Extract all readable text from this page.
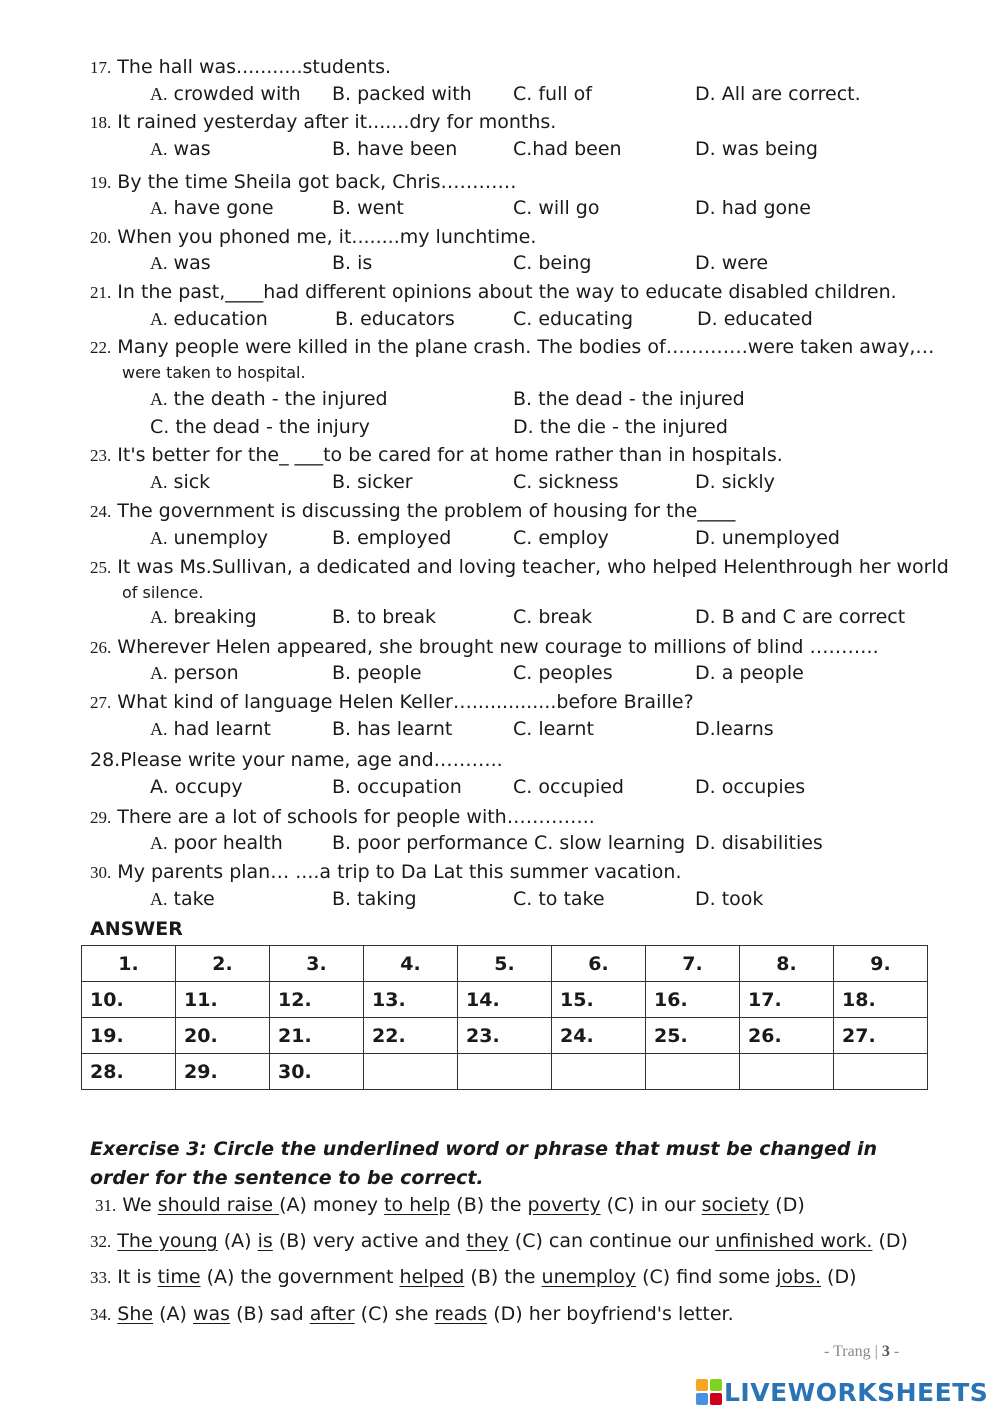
17. The hall was...........students.
A. crowded with B. packed with C. full of	D. All are correct.
18. It rained yesterday after it.......dry for months.
A. was	B. have been	C.had been	D. was being
19. By the time Sheila got back, Chris…………
A. have gone	B. went	C. will go	D. had gone
20. When you phoned me, it........my lunchtime.
A. was	B. is	C. being	D. were
21. In the past,____had different opinions about the way to educate disabled children.
A. education	B. educators	C. educating	D. educated
22. Many people were killed in the plane crash. The bodies of………….were taken away,…
were taken to hospital.
A. the death - the injured	B. the dead - the injured
C. the dead - the injury	D. the die - the injured
23. It's better for the_ ___to be cared for at home rather than in hospitals.
A. sick	B. sicker	C. sickness	D. sickly
24. The government is discussing the problem of housing for the____
A. unemploy	B. employed	C. employ	D. unemployed
25. It was Ms.Sullivan, a dedicated and loving teacher, who helped Helenthrough her world
of silence.
A. breaking	B. to break	C. break	D. B and C are correct
26. Wherever Helen appeared, she brought new courage to millions of blind ………..
A. person	B. people	C. peoples	D. a people
27. What kind of language Helen Keller…..............before Braille?
A. had learnt	B. has learnt	C. learnt	D.learns
28.Please write your name, age and………..
A. occupy	B. occupation	C. occupied	D. occupies
29. There are a lot of schools for people with…………..
A. poor health	B. poor performance C. slow learning D. disabilities
30. My parents plan… ....a trip to Da Lat this summer vacation.
A. take	B. taking	C. to take	D. took
ANSWER
1.	2.	3.	4.	5.	6.	7.	8.	9.
10.	11.	12.	13.	14.	15.	16.	17.	18.
19.	20.	21.	22.	23.	24.	25.	26.	27.
28.	29.	30.						
Exercise 3: Circle the underlined word or phrase that must be changed in order for the sentence to be correct.
31. We should raise (A) money to help (B) the poverty (C) in our society (D)
32. The young (A) is (B) very active and they (C) can continue our unfinished work. (D)
33. It is time (A) the government helped (B) the unemploy (C) find some jobs. (D)
34. She (A) was (B) sad after (C) she reads (D) her boyfriend's letter.
- Trang | 3 -
LIVEWORKSHEETS
